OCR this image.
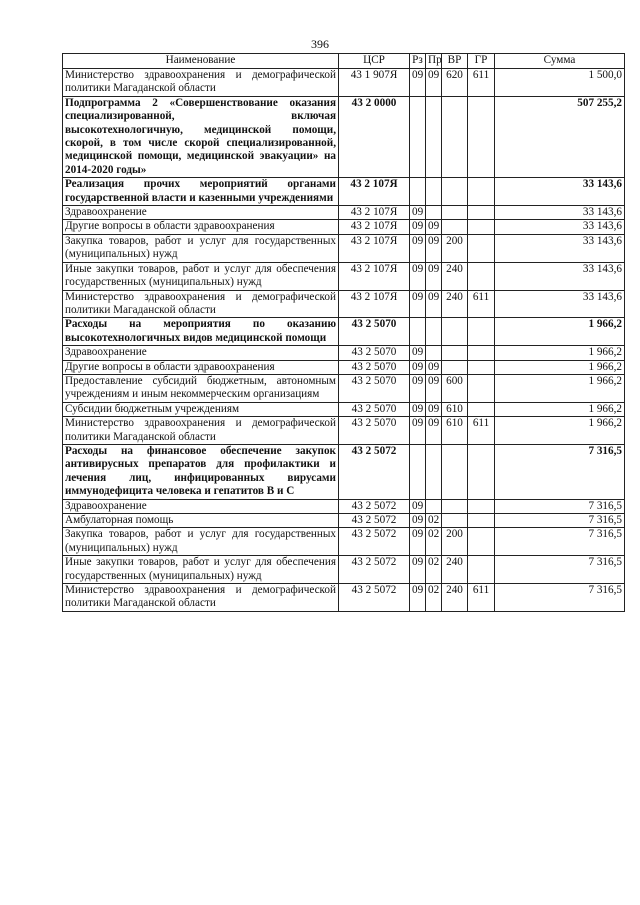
396
Наименование	ЦСР	Рз	Пр	ВР	ГР	Сумма
Министерство здравоохранения и демографической политики Магаданской области	43 1 907Я	09	09	620	611	1 500,0
Подпрограмма 2 «Совершенствование оказания специализированной, включая высокотехнологичную, медицинской помощи, скорой, в том числе скорой специализированной, медицинской помощи, медицинской эвакуации» на 2014-2020 годы»	43 2 0000					507 255,2
Реализация прочих мероприятий органами государственной власти и казенными учреждениями	43 2 107Я					33 143,6
Здравоохранение	43 2 107Я	09				33 143,6
Другие вопросы в области здравоохранения	43 2 107Я	09	09			33 143,6
Закупка товаров, работ и услуг для государственных (муниципальных) нужд	43 2 107Я	09	09	200		33 143,6
Иные закупки товаров, работ и услуг для обеспечения государственных (муниципальных) нужд	43 2 107Я	09	09	240		33 143,6
Министерство здравоохранения и демографической политики Магаданской области	43 2 107Я	09	09	240	611	33 143,6
Расходы на мероприятия по оказанию высокотехнологичных видов медицинской помощи	43 2 5070					1 966,2
Здравоохранение	43 2 5070	09				1 966,2
Другие вопросы в области здравоохранения	43 2 5070	09	09			1 966,2
Предоставление субсидий бюджетным, автономным учреждениям и иным некоммерческим организациям	43 2 5070	09	09	600		1 966,2
Субсидии бюджетным учреждениям	43 2 5070	09	09	610		1 966,2
Министерство здравоохранения и демографической политики Магаданской области	43 2 5070	09	09	610	611	1 966,2
Расходы на финансовое обеспечение закупок антивирусных препаратов для профилактики и лечения лиц, инфицированных вирусами иммунодефицита человека и гепатитов В и С	43 2 5072					7 316,5
Здравоохранение	43 2 5072	09				7 316,5
Амбулаторная помощь	43 2 5072	09	02			7 316,5
Закупка товаров, работ и услуг для государственных (муниципальных) нужд	43 2 5072	09	02	200		7 316,5
Иные закупки товаров, работ и услуг для обеспечения государственных (муниципальных) нужд	43 2 5072	09	02	240		7 316,5
Министерство здравоохранения и демографической политики Магаданской области	43 2 5072	09	02	240	611	7 316,5
